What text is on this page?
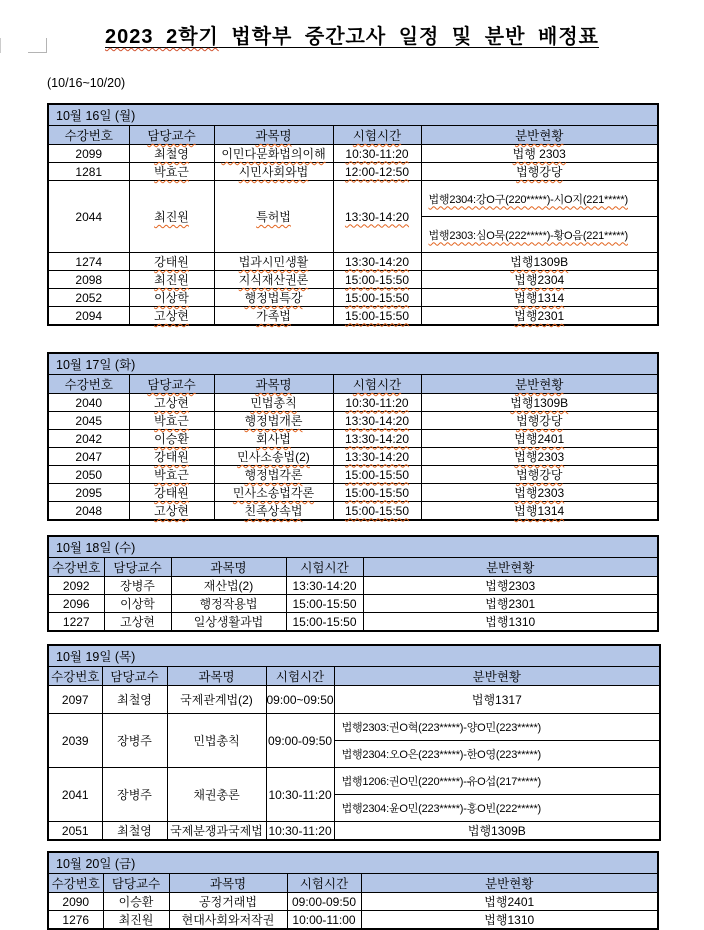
2023 2학기 법학부 중간고사 일정 및 분반 배정표
(10/16~10/20)
10월 16일 (월)				
수강번호	담당교수	과목명	시험시간	분반현황
2099	최철영	이민다문화법의이해	10:30-11:20	법행 2303
1281	박효근	시민사회와법	12:00-12:50	법행강당
2044	최진원	특허법	13:30-14:20	법행2304:강O구(220*****)-시O지(221*****)
법행2303:심O묵(222*****)-황O음(221*****)

1274	강태원	법과시민생활	13:30-14:20	법행1309B
2098	최진원	지식재산권론	15:00-15:50	법행2304
2052	이상학	행정법특강	15:00-15:50	법행1314
2094	고상현	가족법	15:00-15:50	법행2301
10월 17일 (화)				
수강번호	담당교수	과목명	시험시간	분반현황
2040	고상현	민법총칙	10:30-11:20	법행1309B
2045	박효근	행정법개론	13:30-14:20	법행강당
2042	이승환	회사법	13:30-14:20	법행2401
2047	강태원	민사소송법(2)	13:30-14:20	법행2303
2050	박효근	행정법각론	15:00-15:50	법행강당
2095	강태원	민사소송법각론	15:00-15:50	법행2303
2048	고상현	친족상속법	15:00-15:50	법행1314
10월 18일 (수)				
수강번호	담당교수	과목명	시험시간	분반현황
2092	장병주	재산법(2)	13:30-14:20	법행2303
2096	이상학	행정작용법	15:00-15:50	법행2301
1227	고상현	일상생활과법	15:00-15:50	법행1310
10월 19일 (목)				
수강번호	담당교수	과목명	시험시간	분반현황
2097	최철영	국제관계법(2)	09:00~09:50	법행1317
2039	장병주	민법총칙	09:00-09:50	법행2303:권O혁(223*****)-양O민(223*****)
법행2304:오O은(223*****)-한O영(223*****)

2041	장병주	채권총론	10:30-11:20	법행1206:권O민(220*****)-유O섭(217*****)
법행2304:윤O민(223*****)-홍O빈(222*****)

2051	최철영	국제분쟁과국제법	10:30-11:20	법행1309B
10월 20일 (금)				
수강번호	담당교수	과목명	시험시간	분반현황
2090	이승환	공정거래법	09:00-09:50	법행2401
1276	최진원	현대사회와저작권	10:00-11:00	법행1310
